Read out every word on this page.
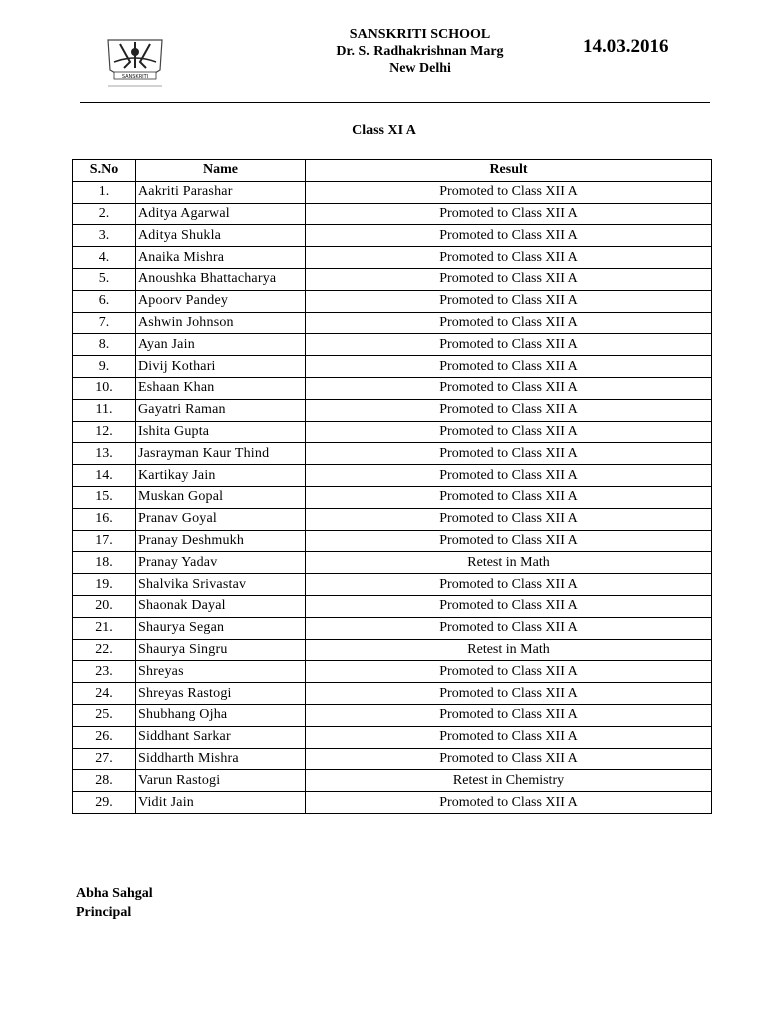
SANSKRITI
SANSKRITI SCHOOL
Dr. S. Radhakrishnan Marg
New Delhi
14.03.2016
Class XI A
S.No	Name	Result
1.	Aakriti Parashar	Promoted to Class XII A
2.	Aditya Agarwal	Promoted to Class XII A
3.	Aditya Shukla	Promoted to Class XII A
4.	Anaika Mishra	Promoted to Class XII A
5.	Anoushka Bhattacharya	Promoted to Class XII A
6.	Apoorv Pandey	Promoted to Class XII A
7.	Ashwin Johnson	Promoted to Class XII A
8.	Ayan Jain	Promoted to Class XII A
9.	Divij Kothari	Promoted to Class XII A
10.	Eshaan Khan	Promoted to Class XII A
11.	Gayatri Raman	Promoted to Class XII A
12.	Ishita Gupta	Promoted to Class XII A
13.	Jasrayman Kaur Thind	Promoted to Class XII A
14.	Kartikay Jain	Promoted to Class XII A
15.	Muskan Gopal	Promoted to Class XII A
16.	Pranav Goyal	Promoted to Class XII A
17.	Pranay Deshmukh	Promoted to Class XII A
18.	Pranay Yadav	Retest in Math
19.	Shalvika Srivastav	Promoted to Class XII A
20.	Shaonak Dayal	Promoted to Class XII A
21.	Shaurya Segan	Promoted to Class XII A
22.	Shaurya Singru	Retest in Math
23.	Shreyas	Promoted to Class XII A
24.	Shreyas Rastogi	Promoted to Class XII A
25.	Shubhang Ojha	Promoted to Class XII A
26.	Siddhant Sarkar	Promoted to Class XII A
27.	Siddharth Mishra	Promoted to Class XII A
28.	Varun Rastogi	Retest in Chemistry
29.	Vidit Jain	Promoted to Class XII A
Abha Sahgal
Principal
